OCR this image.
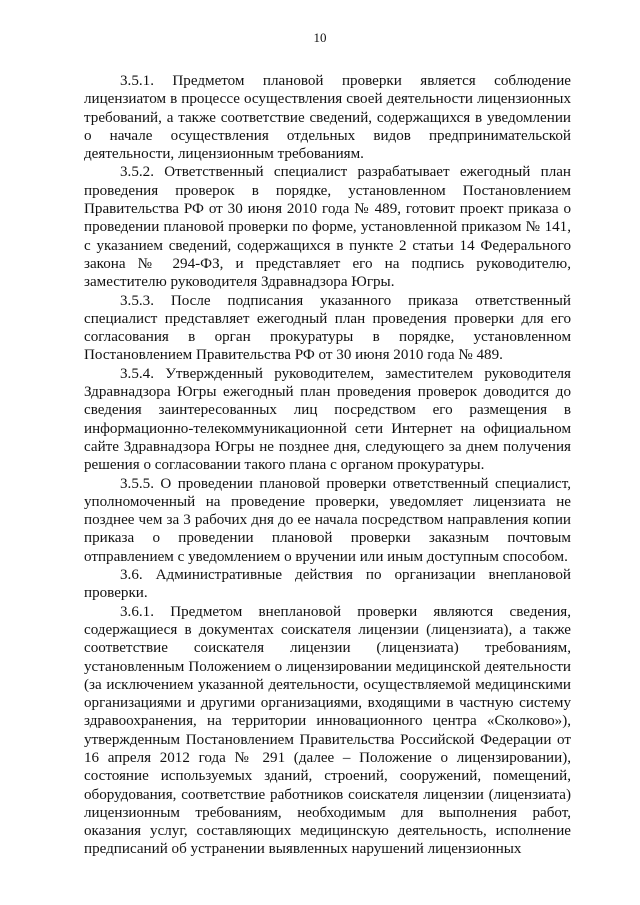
10

3.5.1. Предметом плановой проверки является соблюдение лицензиатом в процессе осуществления своей деятельности лицензионных требований, а также соответствие сведений, содержащихся в уведомлении о начале осуществления отдельных видов предпринимательской деятельности, лицензионным требованиям.

3.5.2. Ответственный специалист разрабатывает ежегодный план проведения проверок в порядке, установленном Постановлением Правительства РФ от 30 июня 2010 года № 489, готовит проект приказа о проведении плановой проверки по форме, установленной приказом № 141, с указанием сведений, содержащихся в пункте 2 статьи 14 Федерального закона № 294-ФЗ, и представляет его на подпись руководителю, заместителю руководителя Здравнадзора Югры.

3.5.3. После подписания указанного приказа ответственный специалист представляет ежегодный план проведения проверки для его согласования в орган прокуратуры в порядке, установленном Постановлением Правительства РФ от 30 июня 2010 года № 489.

3.5.4. Утвержденный руководителем, заместителем руководителя Здравнадзора Югры ежегодный план проведения проверок доводится до сведения заинтересованных лиц посредством его размещения в информационно-телекоммуникационной сети Интернет на официальном сайте Здравнадзора Югры не позднее дня, следующего за днем получения решения о согласовании такого плана с органом прокуратуры.

3.5.5. О проведении плановой проверки ответственный специалист, уполномоченный на проведение проверки, уведомляет лицензиата не позднее чем за 3 рабочих дня до ее начала посредством направления копии приказа о проведении плановой проверки заказным почтовым отправлением с уведомлением о вручении или иным доступным способом.

3.6. Административные действия по организации внеплановой проверки.

3.6.1. Предметом внеплановой проверки являются сведения, содержащиеся в документах соискателя лицензии (лицензиата), а также соответствие соискателя лицензии (лицензиата) требованиям, установленным Положением о лицензировании медицинской деятельности (за исключением указанной деятельности, осуществляемой медицинскими организациями и другими организациями, входящими в частную систему здравоохранения, на территории инновационного центра «Сколково»), утвержденным Постановлением Правительства Российской Федерации от 16 апреля 2012 года № 291 (далее – Положение о лицензировании), состояние используемых зданий, строений, сооружений, помещений, оборудования, соответствие работников соискателя лицензии (лицензиата) лицензионным требованиям, необходимым для выполнения работ, оказания услуг, составляющих медицинскую деятельность, исполнение предписаний об устранении выявленных нарушений лицензионных
